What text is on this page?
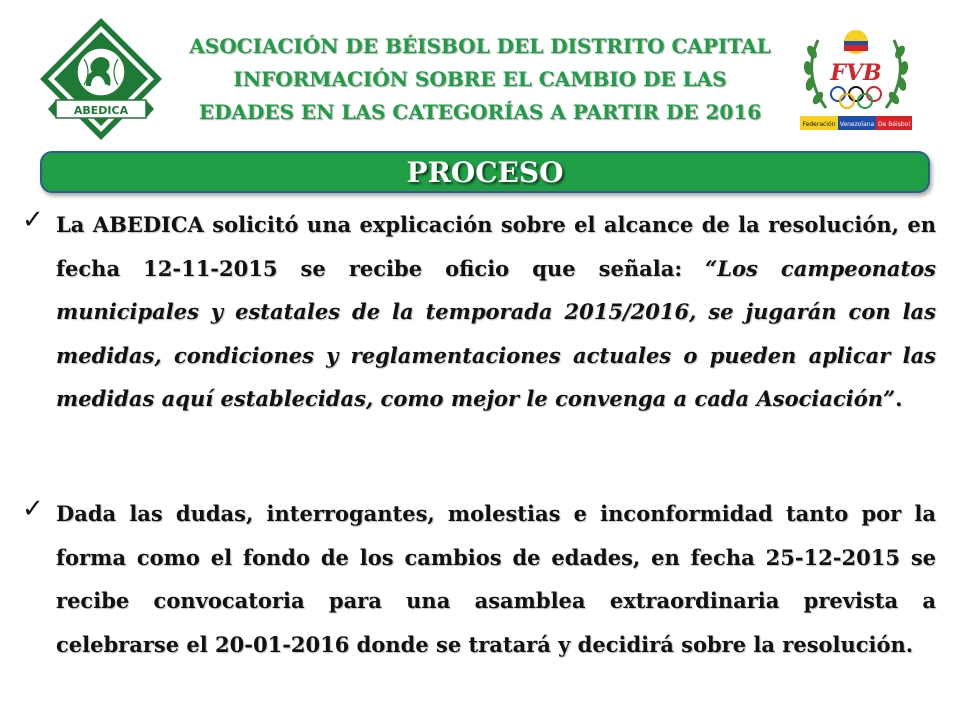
ABEDICA
ASOCIACIÓN DE BÉISBOL DEL DISTRITO CAPITAL
INFORMACIÓN SOBRE EL CAMBIO DE LAS
EDADES EN LAS CATEGORÍAS A PARTIR DE 2016
FVB
Federación Venezolana De Béisbol
PROCESO
✓ La ABEDICA solicitó una explicación sobre el alcance de la resolución, en fecha 12-11-2015 se recibe oficio que señala: “Los campeonatos municipales y estatales de la temporada 2015/2016, se jugarán con las medidas, condiciones y reglamentaciones actuales o pueden aplicar las medidas aquí establecidas, como mejor le convenga a cada Asociación”.
✓ Dada las dudas, interrogantes, molestias e inconformidad tanto por la forma como el fondo de los cambios de edades, en fecha 25-12-2015 se recibe convocatoria para una asamblea extraordinaria prevista a celebrarse el 20-01-2016 donde se tratará y decidirá sobre la resolución.
